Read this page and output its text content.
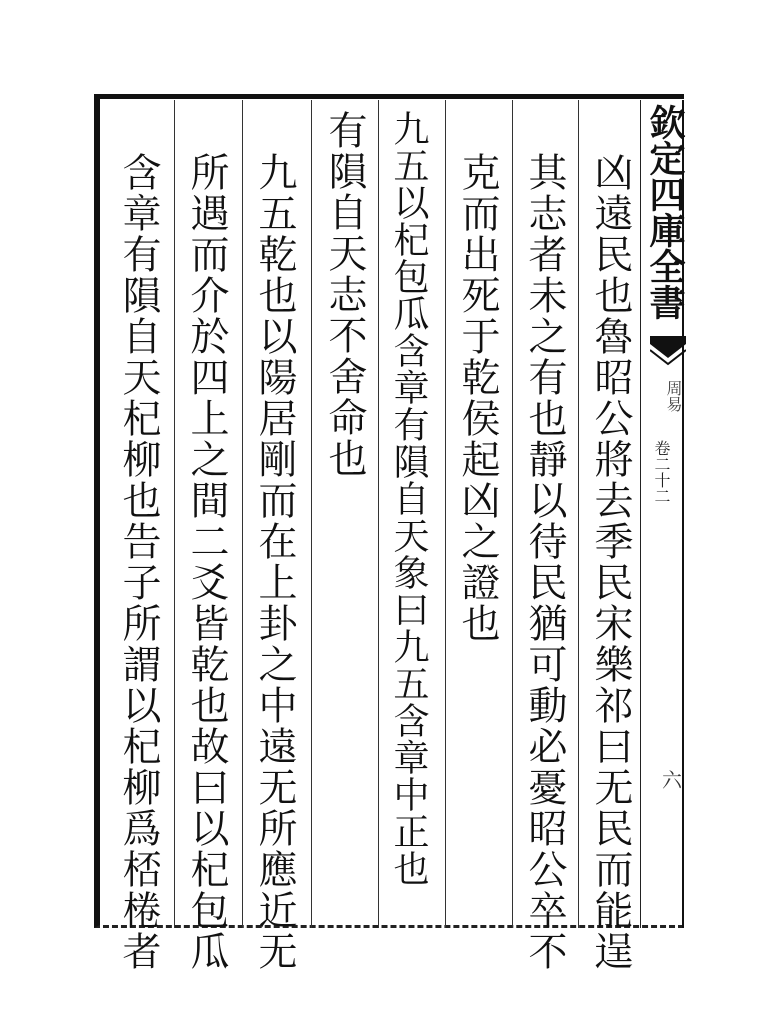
欽定四庫全書
周易
卷二十二
六
凶遠民也魯昭公將去季民宋樂祁曰无民而能逞
其志者未之有也靜以待民猶可動必憂昭公卒不
克而出死于乾侯起凶之證也
九五以杞包瓜含章有隕自天象曰九五含章中正也
有隕自天志不舍命也
九五乾也以陽居剛而在上卦之中遠无所應近无
所遇而介於四上之間二爻皆乾也故曰以杞包瓜
含章有隕自天杞柳也告子所謂以杞柳爲桮棬者
